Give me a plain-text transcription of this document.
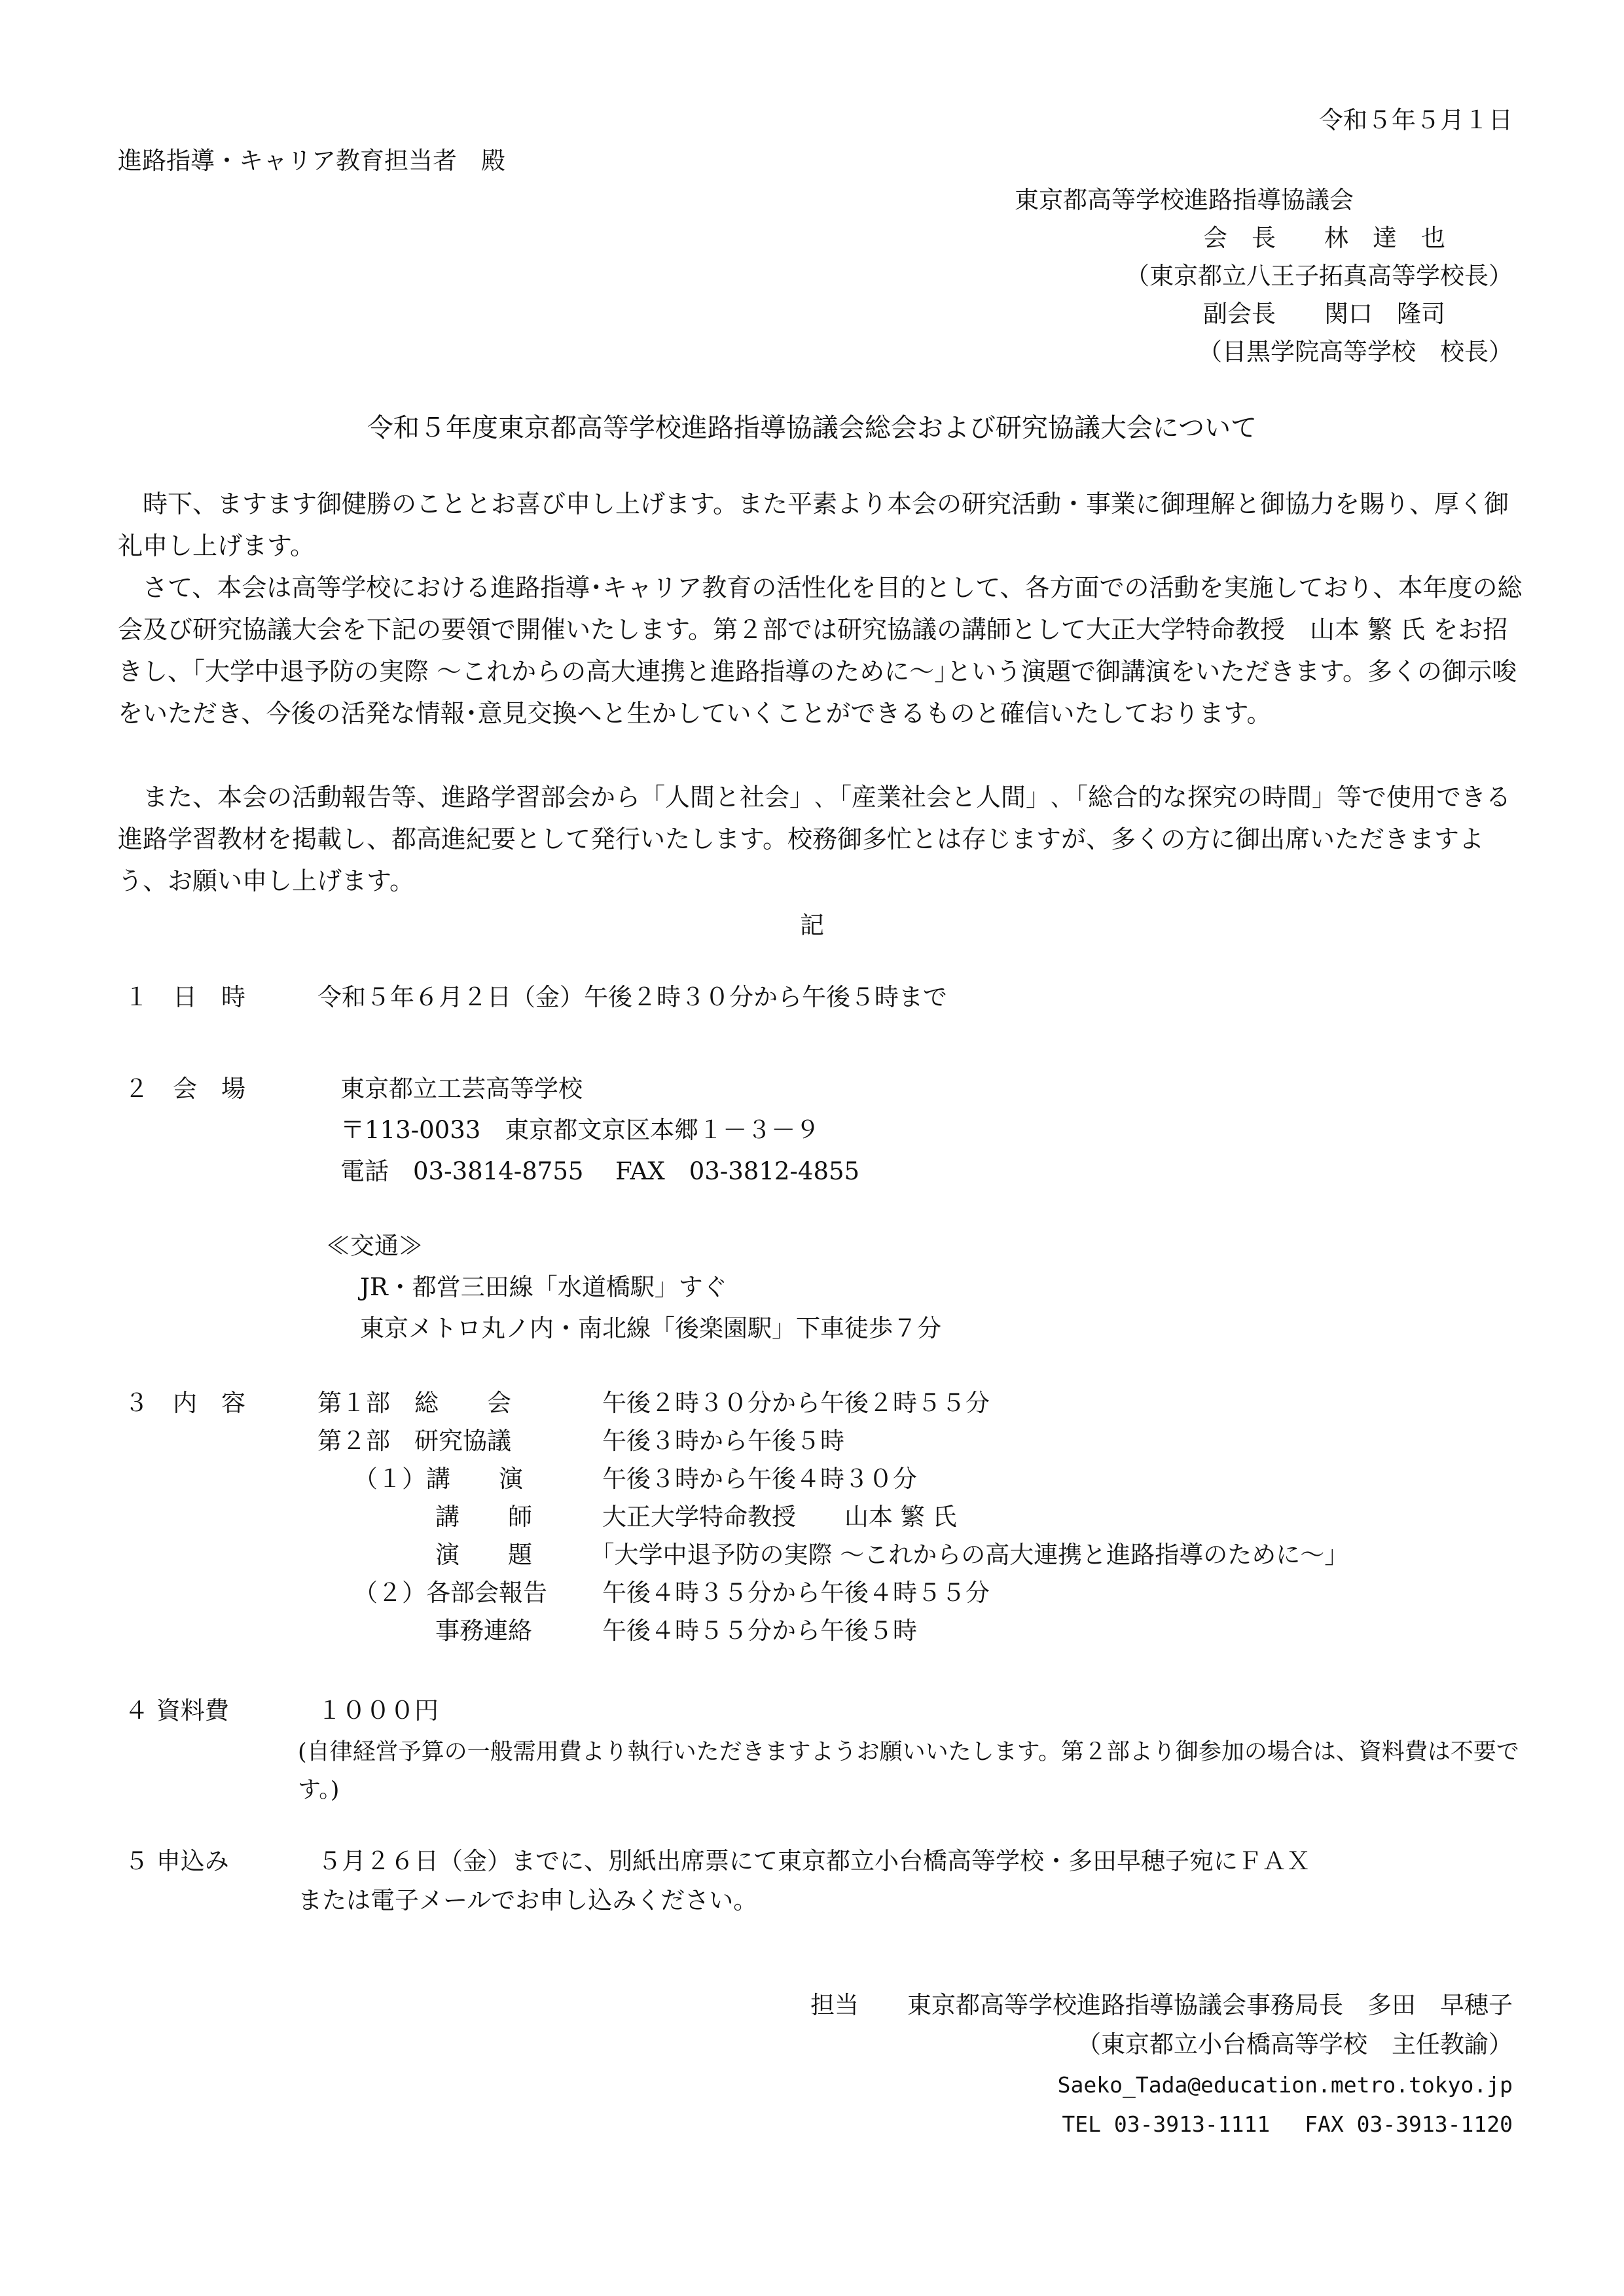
令和５年５月１日
進路指導・キャリア教育担当者　殿
東京都高等学校進路指導協議会
会　長　　林　達　也
（東京都立八王子拓真高等学校長）
副会長　　関口　隆司
（目黒学院高等学校　校長）
令和５年度東京都高等学校進路指導協議会総会および研究協議大会について
時下、ますます御健勝のこととお喜び申し上げます。また平素より本会の研究活動・事業に御理解と御協力を賜り、厚く御礼申し上げます。
さて、本会は高等学校における進路指導･キャリア教育の活性化を目的として、各方面での活動を実施しており、本年度の総会及び研究協議大会を下記の要領で開催いたします。第２部では研究協議の講師として大正大学特命教授　山本 繁 氏 をお招きし、｢大学中退予防の実際 ～これからの高大連携と進路指導のために～｣という演題で御講演をいただきます。多くの御示唆をいただき、今後の活発な情報･意見交換へと生かしていくことができるものと確信いたしております。
また、本会の活動報告等、進路学習部会から「人間と社会」､「産業社会と人間」､「総合的な探究の時間」等で使用できる進路学習教材を掲載し、都高進紀要として発行いたします。校務御多忙とは存じますが、多くの方に御出席いただきますよう、お願い申し上げます。
記
１　日　時	令和５年６月２日（金）午後２時３０分から午後５時まで
２　会　場	東京都立工芸高等学校
〒113-0033　東京都文京区本郷１－３－９
電話　03-3814-8755　 FAX　03-3812-4855
≪交通≫
JR・都営三田線「水道橋駅」すぐ
東京メトロ丸ノ内・南北線「後楽園駅」下車徒歩７分
３　内　容	第１部　総　　会	午後２時３０分から午後２時５５分
第２部　研究協議	午後３時から午後５時
（１）講　　演	午後３時から午後４時３０分
講　　師	大正大学特命教授　　山本 繁 氏
演　　題	｢大学中退予防の実際 ～これからの高大連携と進路指導のために～｣
（２）各部会報告 午後４時３５分から午後４時５５分
事務連絡	午後４時５５分から午後５時
４ 資料費	１０００円
(自律経営予算の一般需用費より執行いただきますようお願いいたします。第２部より御参加の場合は、資料費は不要です。)
５ 申込み	５月２６日（金）までに、別紙出席票にて東京都立小台橋高等学校・多田早穂子宛にＦＡＸ
または電子メールでお申し込みください。
担当　　東京都高等学校進路指導協議会事務局長　多田　早穂子
（東京都立小台橋高等学校　主任教諭）
Saeko_Tada@education.metro.tokyo.jp
TEL 03-3913-1111　 FAX 03-3913-1120
